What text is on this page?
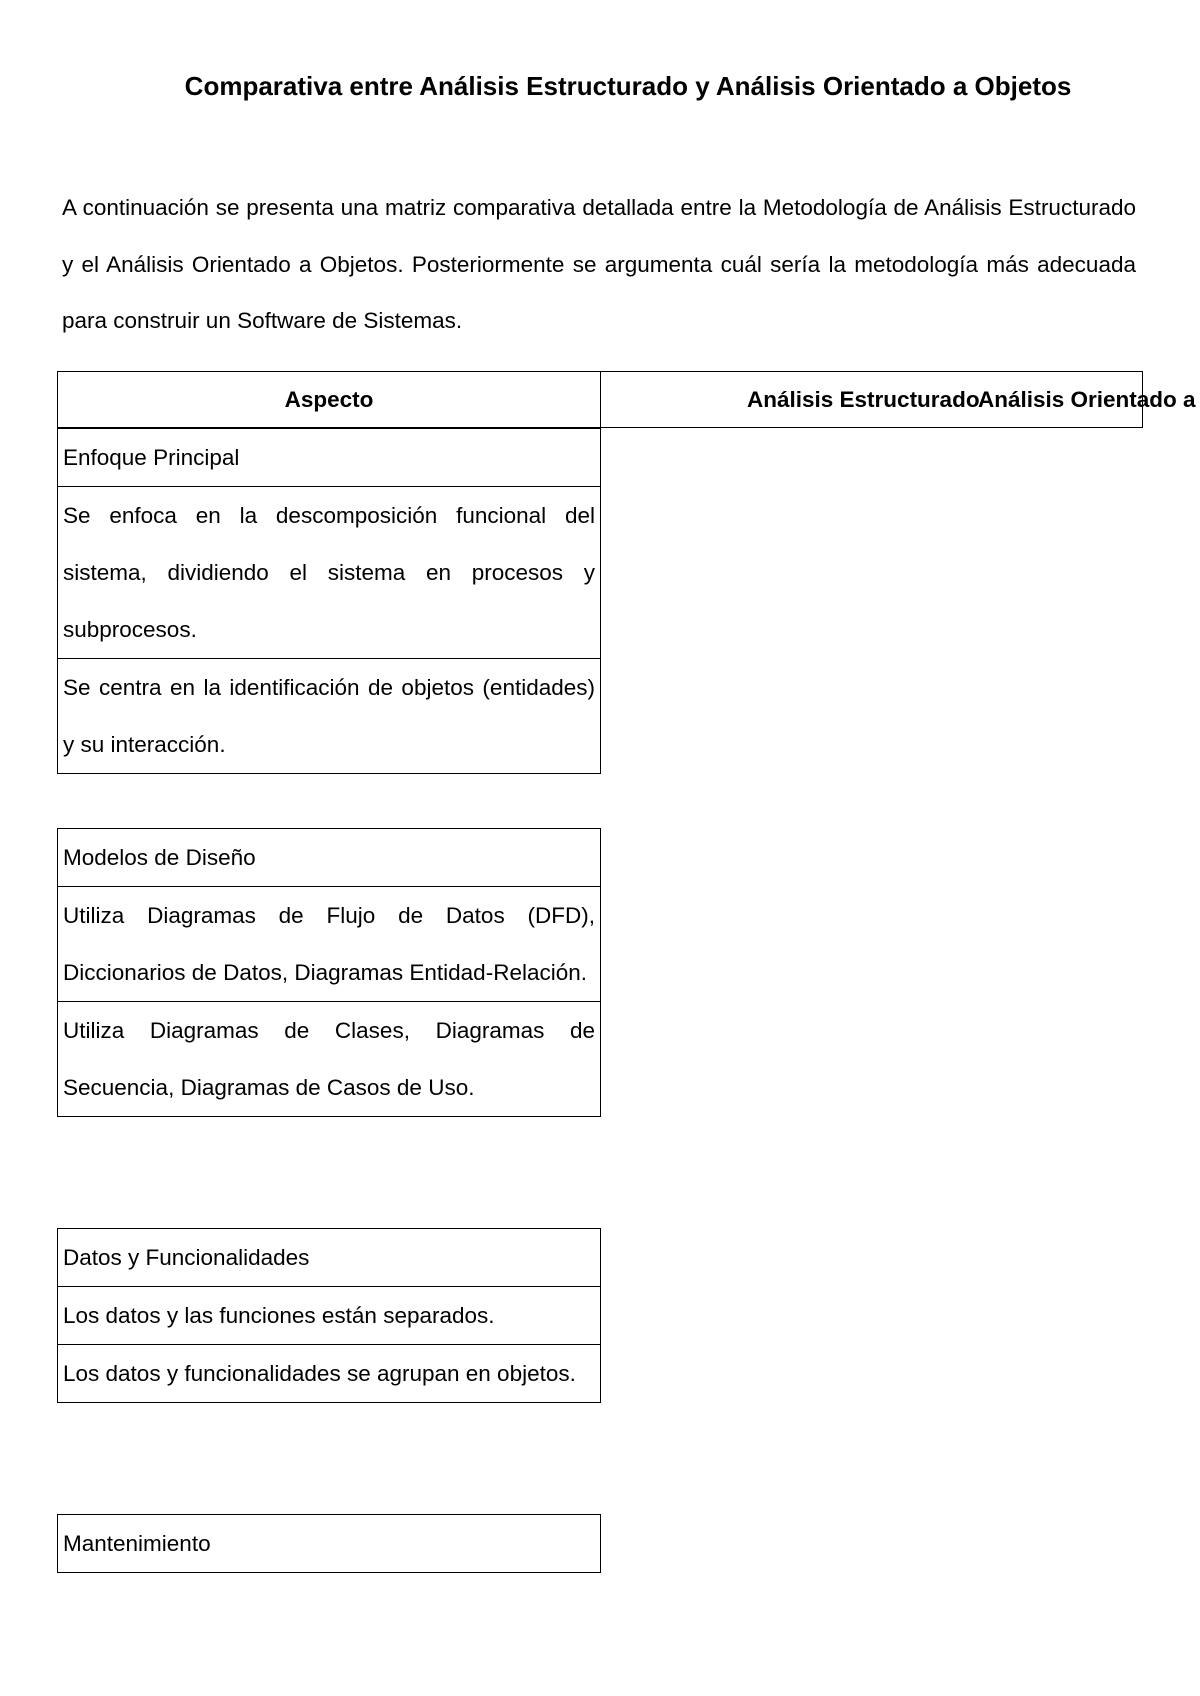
Comparativa entre Análisis Estructurado y Análisis Orientado a Objetos

A continuación se presenta una matriz comparativa detallada entre la Metodología de Análisis Estructurado y el Análisis Orientado a Objetos. Posteriormente se argumenta cuál sería la metodología más adecuada para construir un Software de Sistemas.

Aspecto	Análisis Estructurado
Análisis Orientado a
Enfoque Principal
Se enfoca en la descomposición funcional del sistema, dividiendo el sistema en procesos y subprocesos.
Se centra en la identificación de objetos (entidades) y su interacción.
Modelos de Diseño
Utiliza Diagramas de Flujo de Datos (DFD), Diccionarios de Datos, Diagramas Entidad-Relación.
Utiliza Diagramas de Clases, Diagramas de Secuencia, Diagramas de Casos de Uso.
Datos y Funcionalidades
Los datos y las funciones están separados.
Los datos y funcionalidades se agrupan en objetos.
Mantenimiento
